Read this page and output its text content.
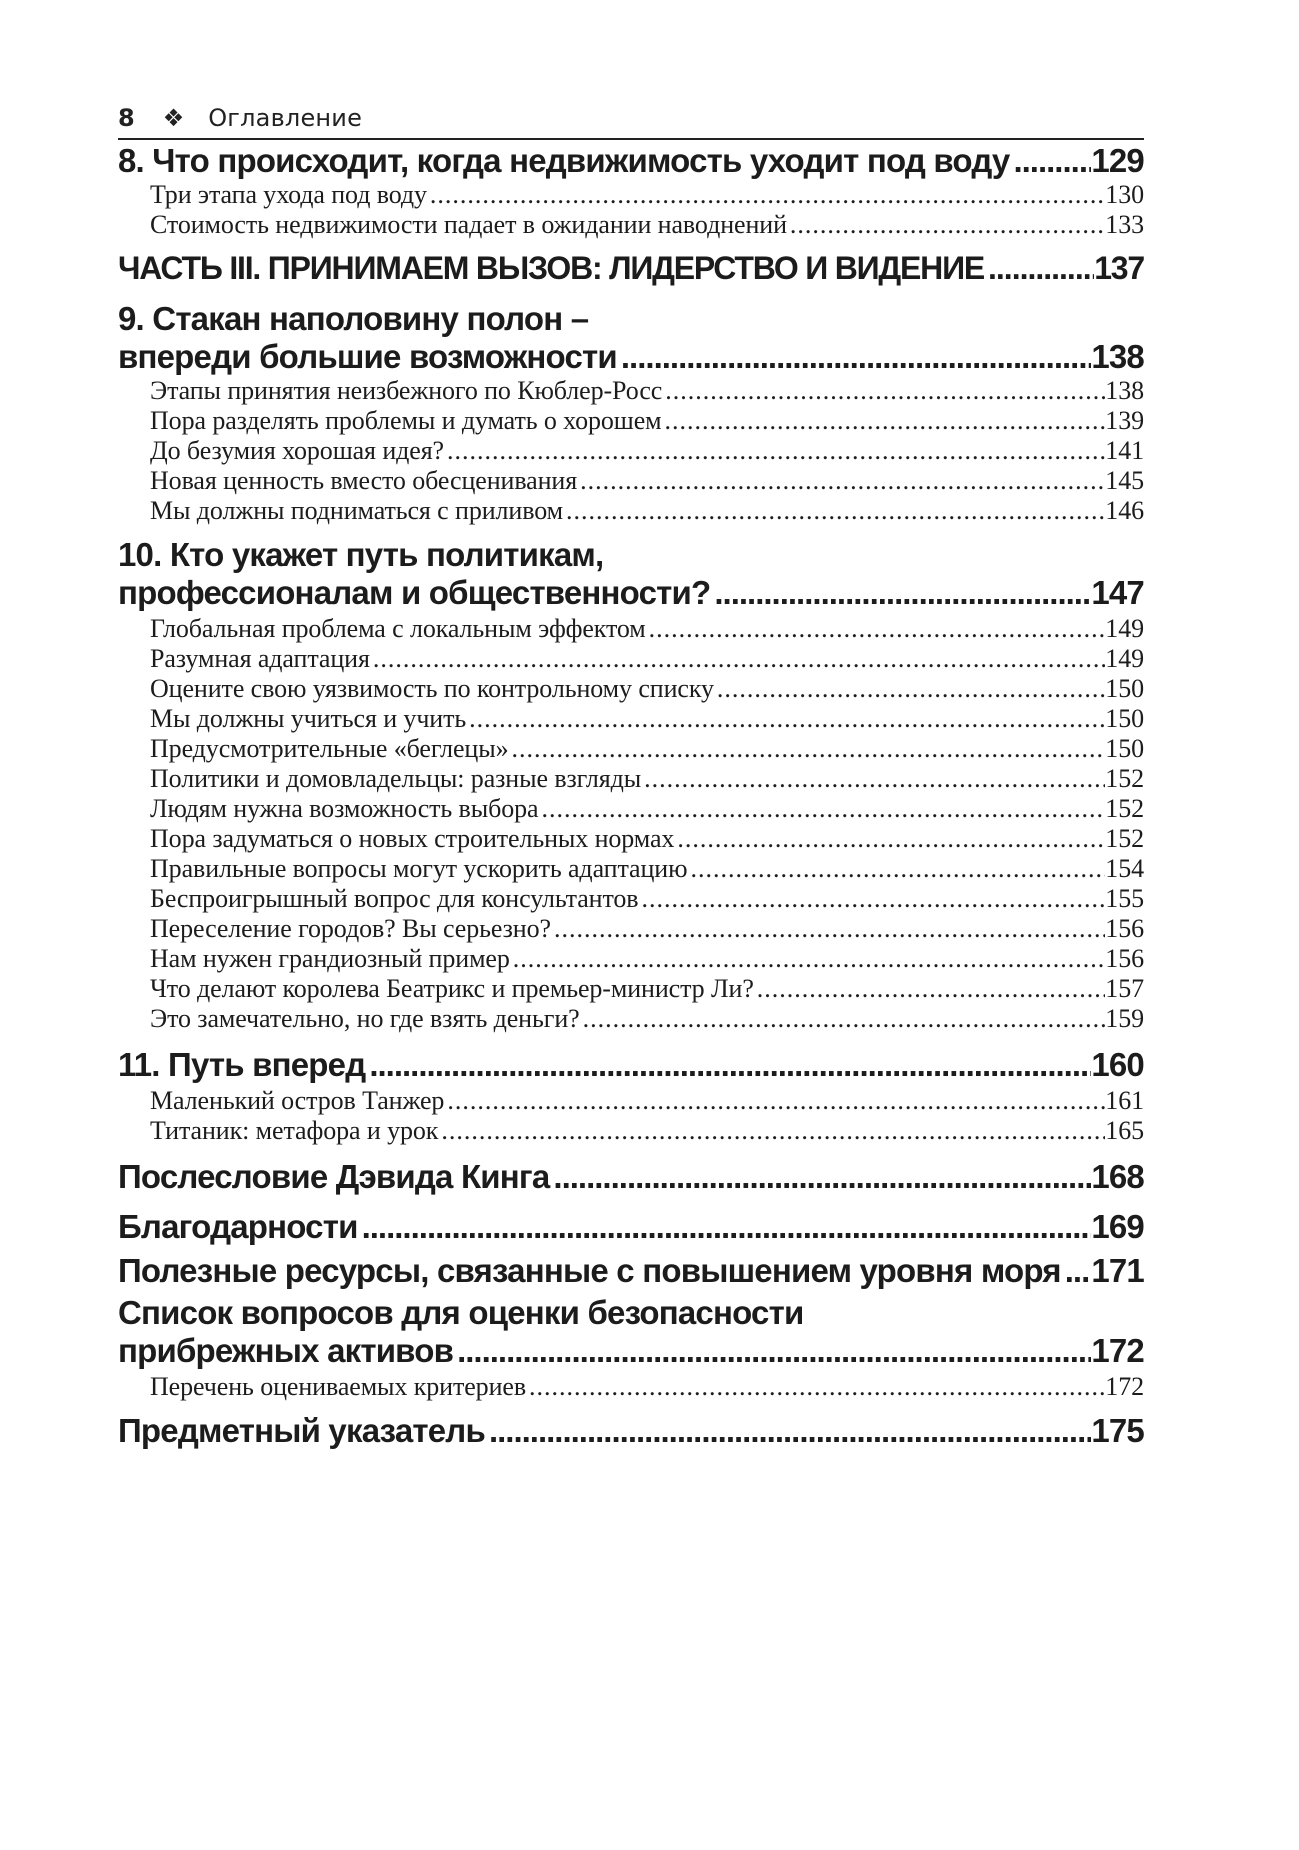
8 ❖ Оглавление
8. Что происходит, когда недвижимость уходит под воду ..... 129
Три этапа ухода под воду .....	130
Стоимость недвижимости падает в ожидании наводнений .....	133
ЧАСТЬ III. ПРИНИМАЕМ ВЫЗОВ: ЛИДЕРСТВО И ВИДЕНИЕ .....	137
9. Стакан наполовину полон –
впереди большие возможности .....	138
Этапы принятия неизбежного по Кюблер-Росс .....	138
Пора разделять проблемы и думать о хорошем .....	139
До безумия хорошая идея? .....	141
Новая ценность вместо обесценивания .....	145
Мы должны подниматься с приливом .....	146
10. Кто укажет путь политикам,
профессионалам и общественности? .....	147
Глобальная проблема с локальным эффектом .....	149
Разумная адаптация .....	149
Оцените свою уязвимость по контрольному списку .....	150
Мы должны учиться и учить .....	150
Предусмотрительные «беглецы» .....	150
Политики и домовладельцы: разные взгляды .....	152
Людям нужна возможность выбора .....	152
Пора задуматься о новых строительных нормах .....	152
Правильные вопросы могут ускорить адаптацию .....	154
Беспроигрышный вопрос для консультантов .....	155
Переселение городов? Вы серьезно? .....	156
Нам нужен грандиозный пример .....	156
Что делают королева Беатрикс и премьер-министр Ли? .....	157
Это замечательно, но где взять деньги? .....	159
11. Путь вперед .....	160
Маленький остров Танжер .....	161
Титаник: метафора и урок .....	165
Послесловие Дэвида Кинга .....	168
Благодарности .....	169
Полезные ресурсы, связанные с повышением уровня моря ..... 171
Список вопросов для оценки безопасности
прибрежных активов .....	172
Перечень оцениваемых критериев .....	172
Предметный указатель .....	175
